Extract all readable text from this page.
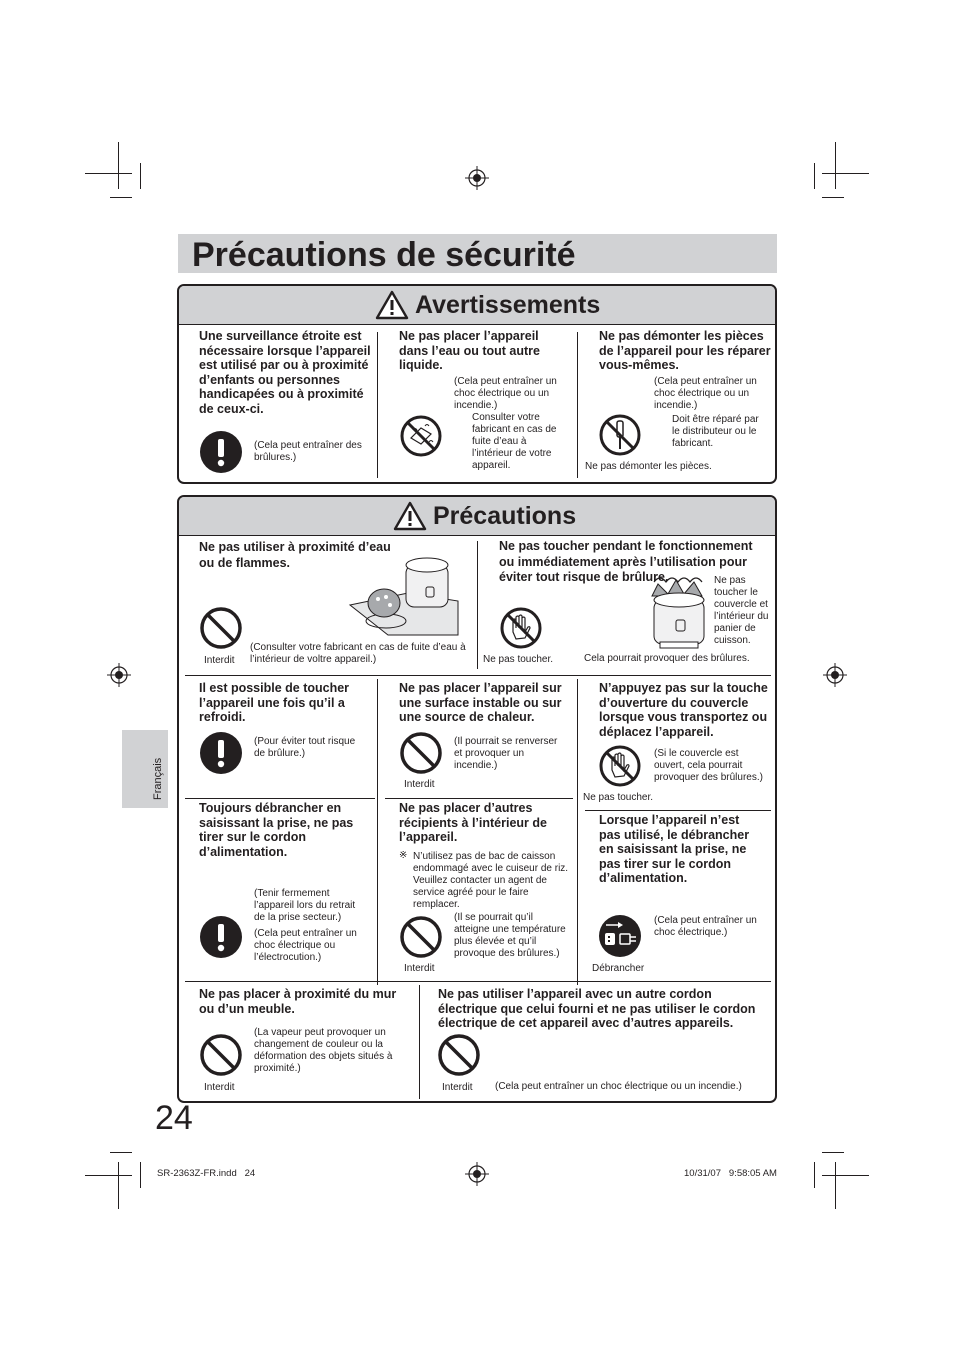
Précautions de sécurité
Français
Avertissements
Une surveillance étroite est nécessaire lorsque l’appareil est utilisé par ou à proximité d’enfants ou personnes handicapées ou à proximité de ceux-ci.
(Cela peut entraîner des brûlures.)
Ne pas placer l’appareil dans l’eau ou tout autre liquide.
(Cela peut entraîner un choc électrique ou un incendie.)
Consulter votre fabricant en cas de fuite d’eau à l’intérieur de votre appareil.
Ne pas démonter les pièces de l’appareil pour les réparer vous-mêmes.
(Cela peut entraîner un choc électrique ou un incendie.)
Doit être réparé par le distributeur ou le fabricant.
Ne pas démonter les pièces.
Précautions
Ne pas utiliser à proximité d’eau ou de flammes.
(Consulter votre fabricant en cas de fuite d’eau à l’intérieur de voltre appareil.)
Interdit
Ne pas toucher pendant le fonctionnement ou immédiatement après l’utilisation pour éviter tout risque de brûlure.	Ne pas toucher le couvercle et l’intérieur du panier de cuisson.
Ne pas toucher.	Cela pourrait provoquer des brûlures.
Il est possible de toucher l’appareil une fois qu’il a refroidi.
(Pour éviter tout risque de brûlure.)
Ne pas placer l’appareil sur une surface instable ou sur une source de chaleur.
(Il pourrait se renverser et provoquer un incendie.)
Interdit
N’appuyez pas sur la touche d’ouverture du couvercle lorsque vous transportez ou déplacez l’appareil.
(Si le couvercle est ouvert, cela pourrait provoquer des brûlures.)
Ne pas toucher.
Toujours débrancher en saisissant la prise, ne pas tirer sur le cordon d’alimentation.
(Tenir fermement l’appareil lors du retrait de la prise secteur.)
(Cela peut entraîner un choc électrique ou l’électrocution.)
Ne pas placer d’autres récipients à l’intérieur de l’appareil.
※ N’utilisez pas de bac de caisson endommagé avec le cuiseur de riz. Veuillez contacter un agent de service agréé pour le faire remplacer.
(Il se pourrait qu’il atteigne une température plus élevée et qu’il provoque des brûlures.)
Interdit
Lorsque l’appareil n’est pas utilisé, le débrancher en saisissant la prise, ne pas tirer sur le cordon d’alimentation.
(Cela peut entraîner un choc électrique.)
Débrancher
Ne pas placer à proximité du mur ou d’un meuble.
(La vapeur peut provoquer un changement de couleur ou la déformation des objets situés à proximité.)
Interdit
Ne pas utiliser l’appareil avec un autre cordon électrique que celui fourni et ne pas utiliser le cordon électrique de cet appareil avec d’autres appareils.
Interdit	(Cela peut entraîner un choc électrique ou un incendie.)
24
SR-2363Z-FR.indd   24	10/31/07   9:58:05 AM
